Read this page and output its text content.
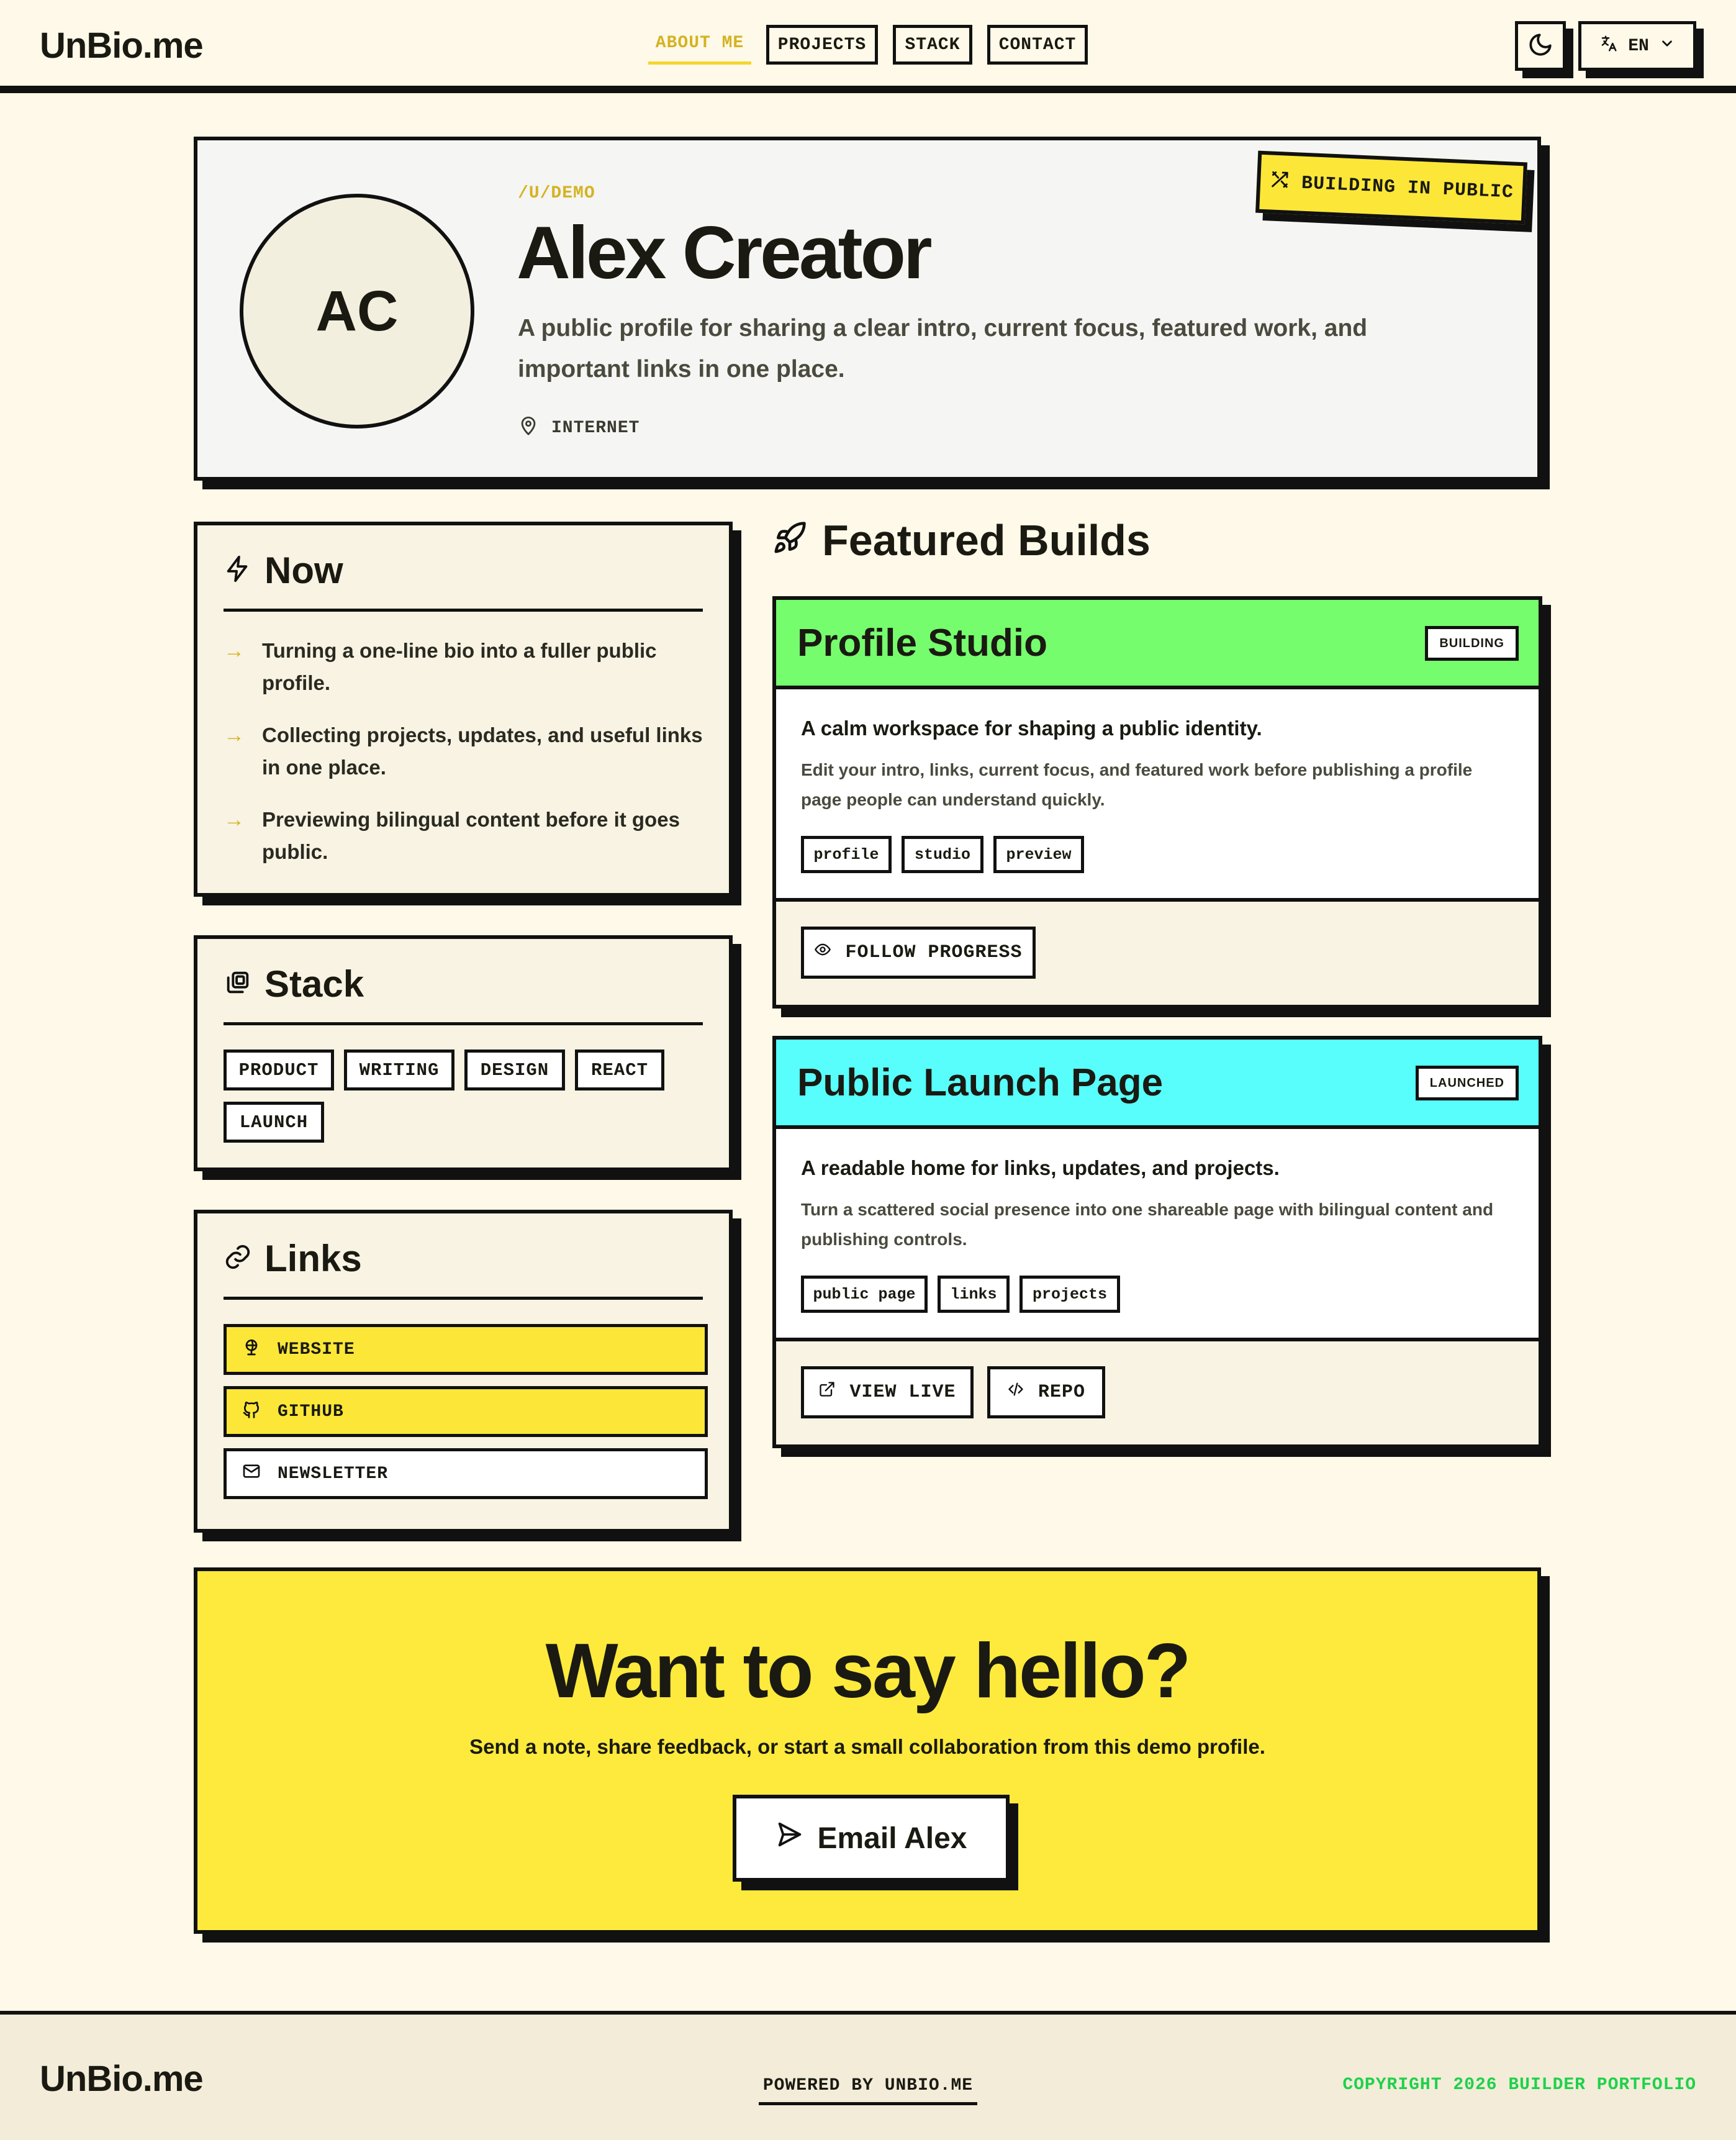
UnBio.me	ABOUT ME	PROJECTS	STACK	CONTACT	EN
AC
/U/DEMO
Alex Creator
A public profile for sharing a clear intro, current focus, featured work, and important links in one place.
INTERNET
BUILDING IN PUBLIC
Now
→ Turning a one-line bio into a fuller public profile.
→ Collecting projects, updates, and useful links in one place.
→ Previewing bilingual content before it goes public.
Stack
PRODUCT	WRITING	DESIGN	REACT
LAUNCH
Links
WEBSITE
GITHUB
NEWSLETTER
Featured Builds
Profile Studio	BUILDING
A calm workspace for shaping a public identity.
Edit your intro, links, current focus, and featured work before publishing a profile page people can understand quickly.
profile	studio	preview
FOLLOW PROGRESS
Public Launch Page	LAUNCHED
A readable home for links, updates, and projects.
Turn a scattered social presence into one shareable page with bilingual content and publishing controls.
public page	links	projects
VIEW LIVE	REPO
Want to say hello?

Send a note, share feedback, or start a small collaboration from this demo profile.

Email Alex
UnBio.me	POWERED BY UNBIO.ME	COPYRIGHT 2026 BUILDER PORTFOLIO
